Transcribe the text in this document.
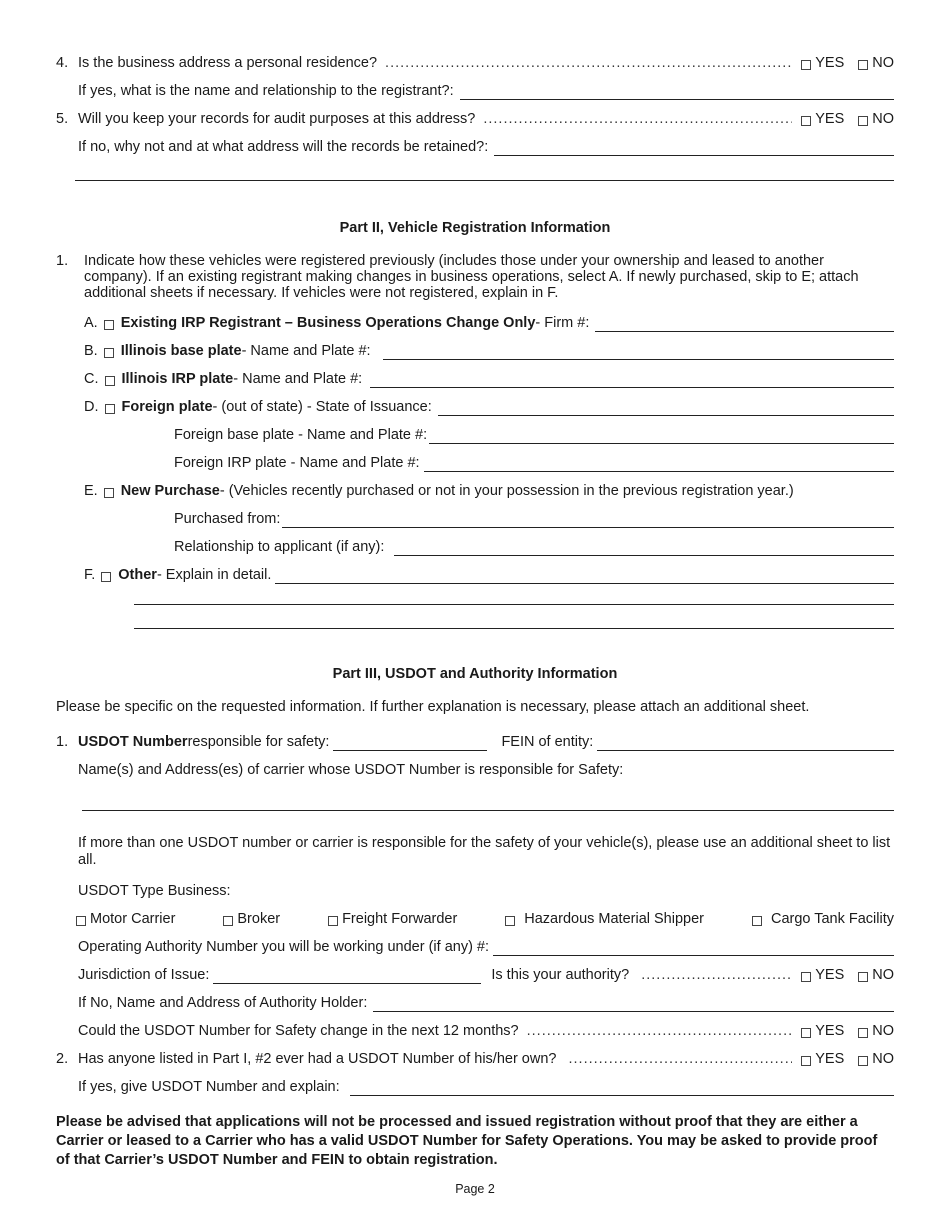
4. Is the business address a personal residence? .....	YES NO
If yes, what is the name and relationship to the registrant?:
5. Will you keep your records for audit purposes at this address? .....	YES NO
If no, why not and at what address will the records be retained?:
Part II, Vehicle Registration Information
1.	Indicate how these vehicles were registered previously (includes those under your ownership and leased to another company). If an existing registrant making changes in business operations, select A. If newly purchased, skip to E; attach additional sheets if necessary. If vehicles were not registered, explain in F.
A. Existing IRP Registrant – Business Operations Change Only - Firm #:
B. Illinois base plate - Name and Plate #:
C. Illinois IRP plate - Name and Plate #:
D. Foreign plate - (out of state) - State of Issuance:
Foreign base plate - Name and Plate #:
Foreign IRP plate - Name and Plate #:
E. New Purchase - (Vehicles recently purchased or not in your possession in the previous registration year.)
Purchased from:
Relationship to applicant (if any):
F. Other - Explain in detail.
Part III, USDOT and Authority Information
Please be specific on the requested information. If further explanation is necessary, please attach an additional sheet.
1. USDOT Number responsible for safety:	FEIN of entity:
Name(s) and Address(es) of carrier whose USDOT Number is responsible for Safety:
If more than one USDOT number or carrier is responsible for the safety of your vehicle(s), please use an additional sheet to list all.
USDOT Type Business:
Motor Carrier	Broker	Freight Forwarder	Hazardous Material Shipper	Cargo Tank Facility
Operating Authority Number you will be working under (if any) #:
Jurisdiction of Issue:	Is this your authority? .....	YES NO
If No, Name and Address of Authority Holder:
Could the USDOT Number for Safety change in the next 12 months? .....	YES NO
2. Has anyone listed in Part I, #2 ever had a USDOT Number of his/her own? .....	YES NO
If yes, give USDOT Number and explain:
Please be advised that applications will not be processed and issued registration without proof that they are either a Carrier or leased to a Carrier who has a valid USDOT Number for Safety Operations. You may be asked to provide proof of that Carrier’s USDOT Number and FEIN to obtain registration.
Page 2
